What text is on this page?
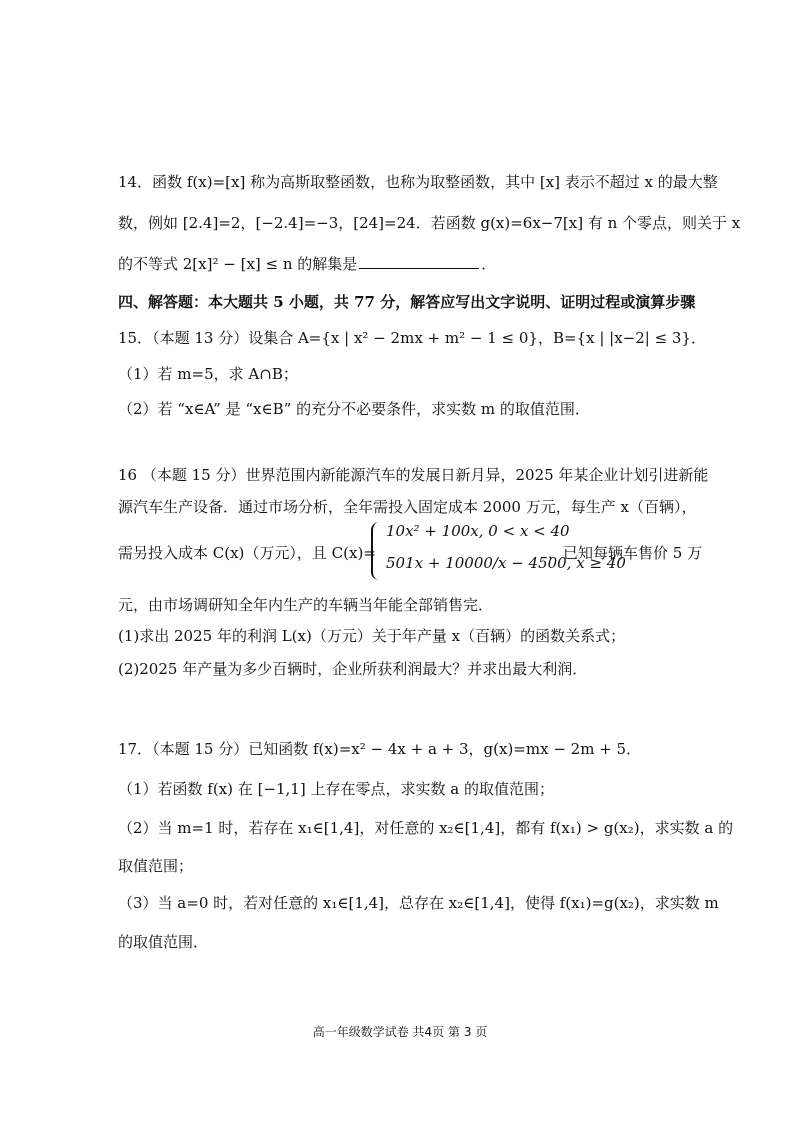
14．函数 f(x)=[x] 称为高斯取整函数，也称为取整函数，其中 [x] 表示不超过 x 的最大整
数，例如 [2.4]=2，[−2.4]=−3，[24]=24．若函数 g(x)=6x−7[x] 有 n 个零点，则关于 x
的不等式 2[x]² − [x] ≤ n 的解集是	．
四、解答题：本大题共 5 小题，共 77 分，解答应写出文字说明、证明过程或演算步骤
15．（本题 13 分）设集合 A={x | x² − 2mx + m² − 1 ≤ 0}，B={x | |x−2| ≤ 3}．
（1）若 m=5，求 A∩B；
（2）若 “x∈A” 是 “x∈B” 的充分不必要条件，求实数 m 的取值范围．
16 （本题 15 分）世界范围内新能源汽车的发展日新月异，2025 年某企业计划引进新能
源汽车生产设备．通过市场分析，全年需投入固定成本 2000 万元，每生产 x（百辆），
需另投入成本 C(x)（万元），且 C(x)=
10x² + 100x, 0 < x < 40
501x + 10000/x − 4500, x ≥ 40
．已知每辆车售价 5 万
元，由市场调研知全年内生产的车辆当年能全部销售完．
(1)求出 2025 年的利润 L(x)（万元）关于年产量 x（百辆）的函数关系式；
(2)2025 年产量为多少百辆时，企业所获利润最大？并求出最大利润．
17．（本题 15 分）已知函数 f(x)=x² − 4x + a + 3，g(x)=mx − 2m + 5．
（1）若函数 f(x) 在 [−1,1] 上存在零点，求实数 a 的取值范围；
（2）当 m=1 时，若存在 x₁∈[1,4]，对任意的 x₂∈[1,4]，都有 f(x₁) > g(x₂)，求实数 a 的
取值范围；
（3）当 a=0 时，若对任意的 x₁∈[1,4]，总存在 x₂∈[1,4]，使得 f(x₁)=g(x₂)，求实数 m
的取值范围．
高一年级数学试卷 共4页 第 3 页
